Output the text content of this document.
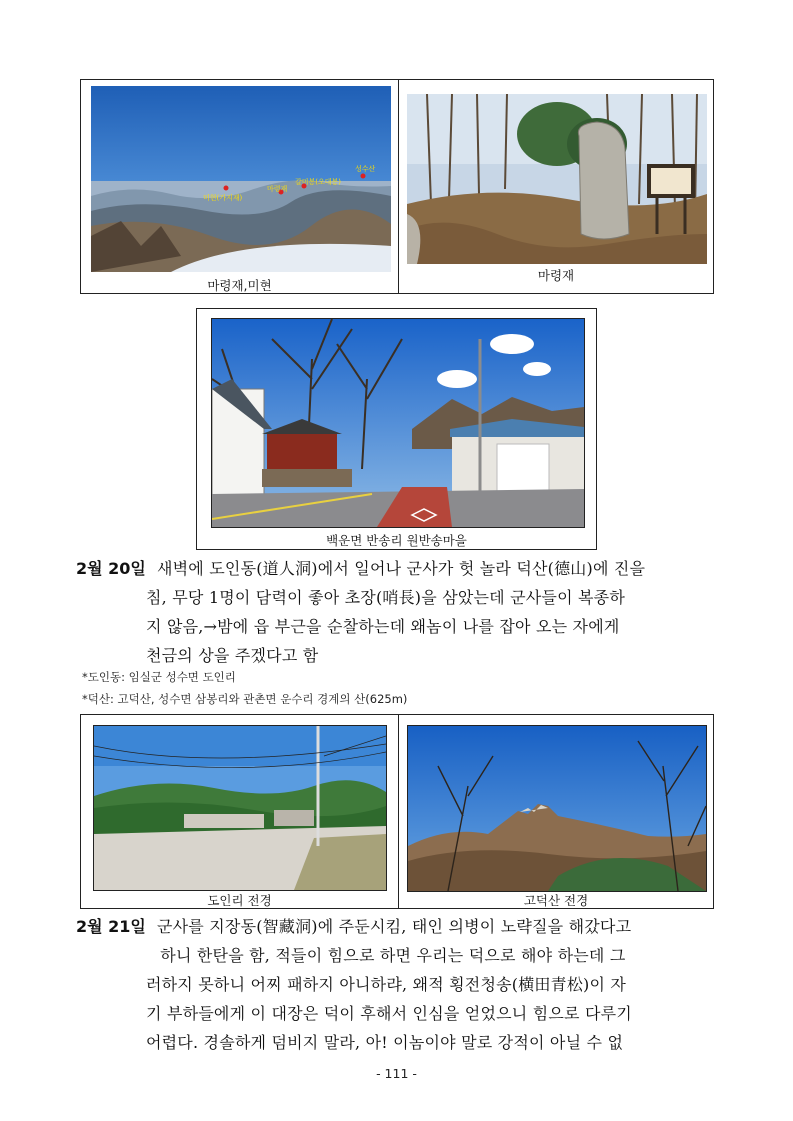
미현(가지재)
마령재
갈미봉(오대봉)
성수산
마령재,미현
마령재
백운면 반송리 원반송마을
2월 20일 새벽에 도인동(道人洞)에서 일어나 군사가 헛 놀라 덕산(德山)에 진을
침, 무당 1명이 담력이 좋아 초장(哨長)을 삼았는데 군사들이 복종하
지 않음,→밤에 읍 부근을 순찰하는데 왜놈이 나를 잡아 오는 자에게
천금의 상을 주겠다고 함
*도인동: 임실군 성수면 도인리
*덕산: 고덕산, 성수면 삼봉리와 관촌면 운수리 경계의 산(625m)
도인리 전경	고덕산 전경
2월 21일 군사를 지장동(智藏洞)에 주둔시킴, 태인 의병이 노략질을 해갔다고
하니 한탄을 함, 적들이 힘으로 하면 우리는 덕으로 해야 하는데 그
러하지 못하니 어찌 패하지 아니하랴, 왜적 횡전청송(横田青松)이 자
기 부하들에게 이 대장은 덕이 후해서 인심을 얻었으니 힘으로 다루기
어렵다. 경솔하게 덤비지 말라, 아! 이놈이야 말로 강적이 아닐 수 없
- 111 -
